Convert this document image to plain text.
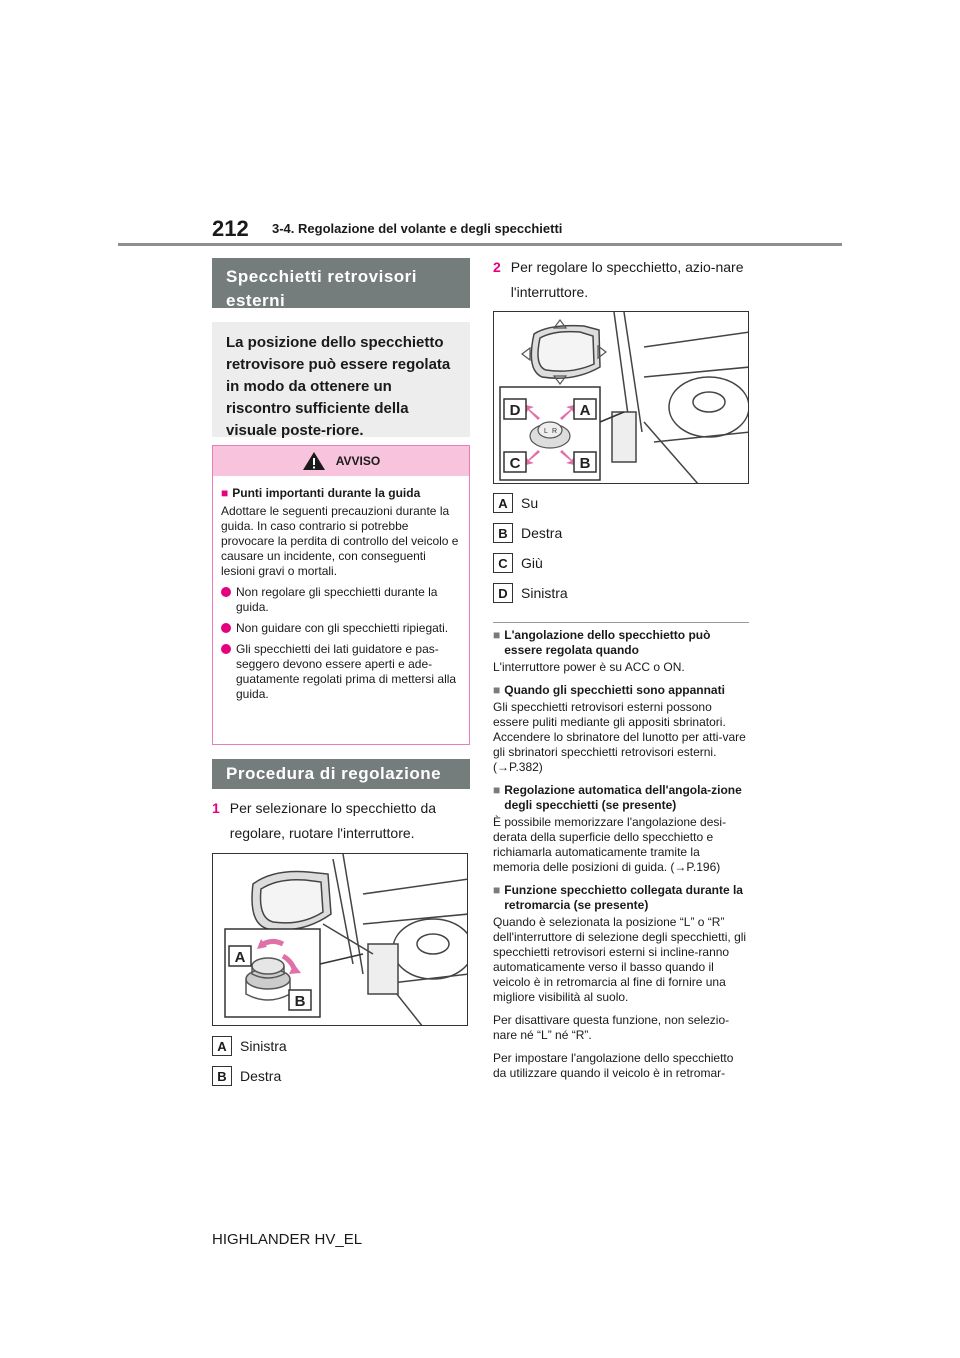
212 3-4. Regolazione del volante e degli specchietti
Specchietti retrovisori esterni
La posizione dello specchietto retrovisore può essere regolata in modo da ottenere un riscontro sufficiente della visuale poste-riore.
AVVISO
■ Punti importanti durante la guida

Adottare le seguenti precauzioni durante la guida. In caso contrario si potrebbe provocare la perdita di controllo del veicolo e causare un incidente, con conseguenti lesioni gravi o mortali.

Non regolare gli specchietti durante la guida.
Non guidare con gli specchietti ripiegati.
Gli specchietti dei lati guidatore e pas-seggero devono essere aperti e ade-guatamente regolati prima di mettersi alla guida.
Procedura di regolazione
1 Per selezionare lo specchietto da regolare, ruotare l'interruttore.
A
B
A Sinistra
B Destra
2 Per regolare lo specchietto, azio-nare l'interruttore.
L R
D	A
C	B
A Su
B Destra
C Giù
D Sinistra
■ L'angolazione dello specchietto può essere regolata quando
L'interruttore power è su ACC o ON.
■ Quando gli specchietti sono appannati
Gli specchietti retrovisori esterni possono essere puliti mediante gli appositi sbrinatori. Accendere lo sbrinatore del lunotto per atti-vare gli sbrinatori specchietti retrovisori esterni. (→P.382)
■ Regolazione automatica dell'angola-zione degli specchietti (se presente)
È possibile memorizzare l'angolazione desi-derata della superficie dello specchietto e richiamarla automaticamente tramite la memoria delle posizioni di guida. (→P.196)
■ Funzione specchietto collegata durante la retromarcia (se presente)
Quando è selezionata la posizione “L” o “R” dell'interruttore di selezione degli specchietti, gli specchietti retrovisori esterni si incline-ranno automaticamente verso il basso quando il veicolo è in retromarcia al fine di fornire una migliore visibilità al suolo.
Per disattivare questa funzione, non selezio-nare né “L” né “R”.
Per impostare l'angolazione dello specchietto da utilizzare quando il veicolo è in retromar-
HIGHLANDER HV_EL
